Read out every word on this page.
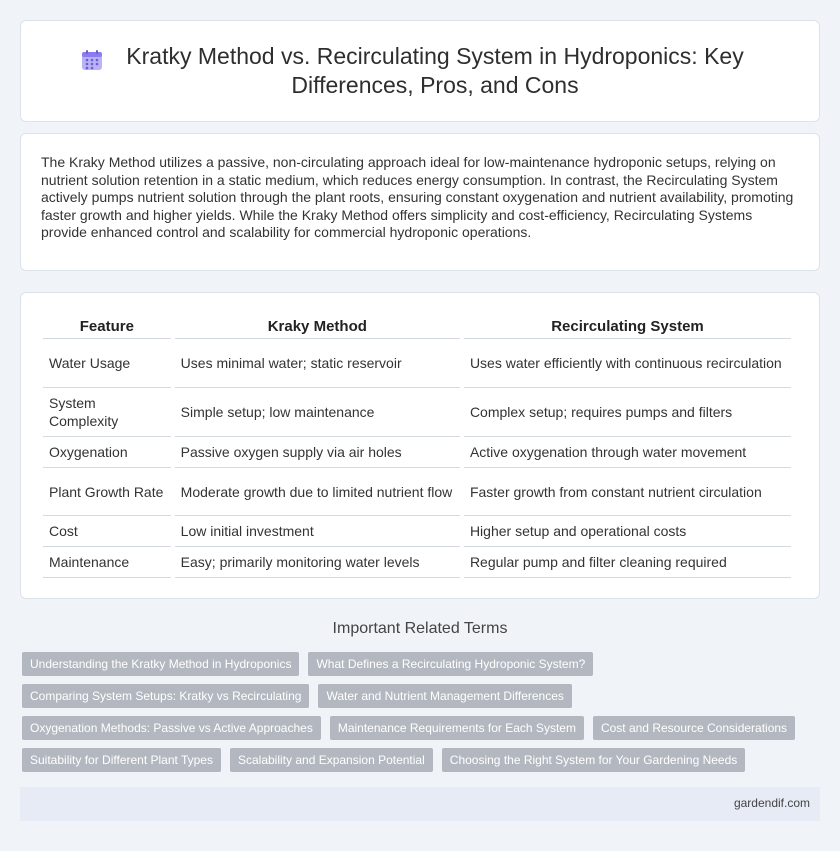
Kratky Method vs. Recirculating System in Hydroponics: Key Differences, Pros, and Cons

The Kraky Method utilizes a passive, non-circulating approach ideal for low-maintenance hydroponic setups, relying on nutrient solution retention in a static medium, which reduces energy consumption. In contrast, the Recirculating System actively pumps nutrient solution through the plant roots, ensuring constant oxygenation and nutrient availability, promoting faster growth and higher yields. While the Kraky Method offers simplicity and cost-efficiency, Recirculating Systems provide enhanced control and scalability for commercial hydroponic operations.

Feature	Kraky Method	Recirculating System
Water Usage	Uses minimal water; static reservoir	Uses water efficiently with continuous recirculation
System Complexity	Simple setup; low maintenance	Complex setup; requires pumps and filters
Oxygenation	Passive oxygen supply via air holes	Active oxygenation through water movement
Plant Growth Rate	Moderate growth due to limited nutrient flow	Faster growth from constant nutrient circulation
Cost	Low initial investment	Higher setup and operational costs
Maintenance	Easy; primarily monitoring water levels	Regular pump and filter cleaning required
Important Related Terms
Understanding the Kratky Method in Hydroponics	What Defines a Recirculating Hydroponic System?
Comparing System Setups: Kratky vs Recirculating	Water and Nutrient Management Differences
Oxygenation Methods: Passive vs Active Approaches	Maintenance Requirements for Each System	Cost and Resource Considerations
Suitability for Different Plant Types	Scalability and Expansion Potential	Choosing the Right System for Your Gardening Needs
gardendif.com
